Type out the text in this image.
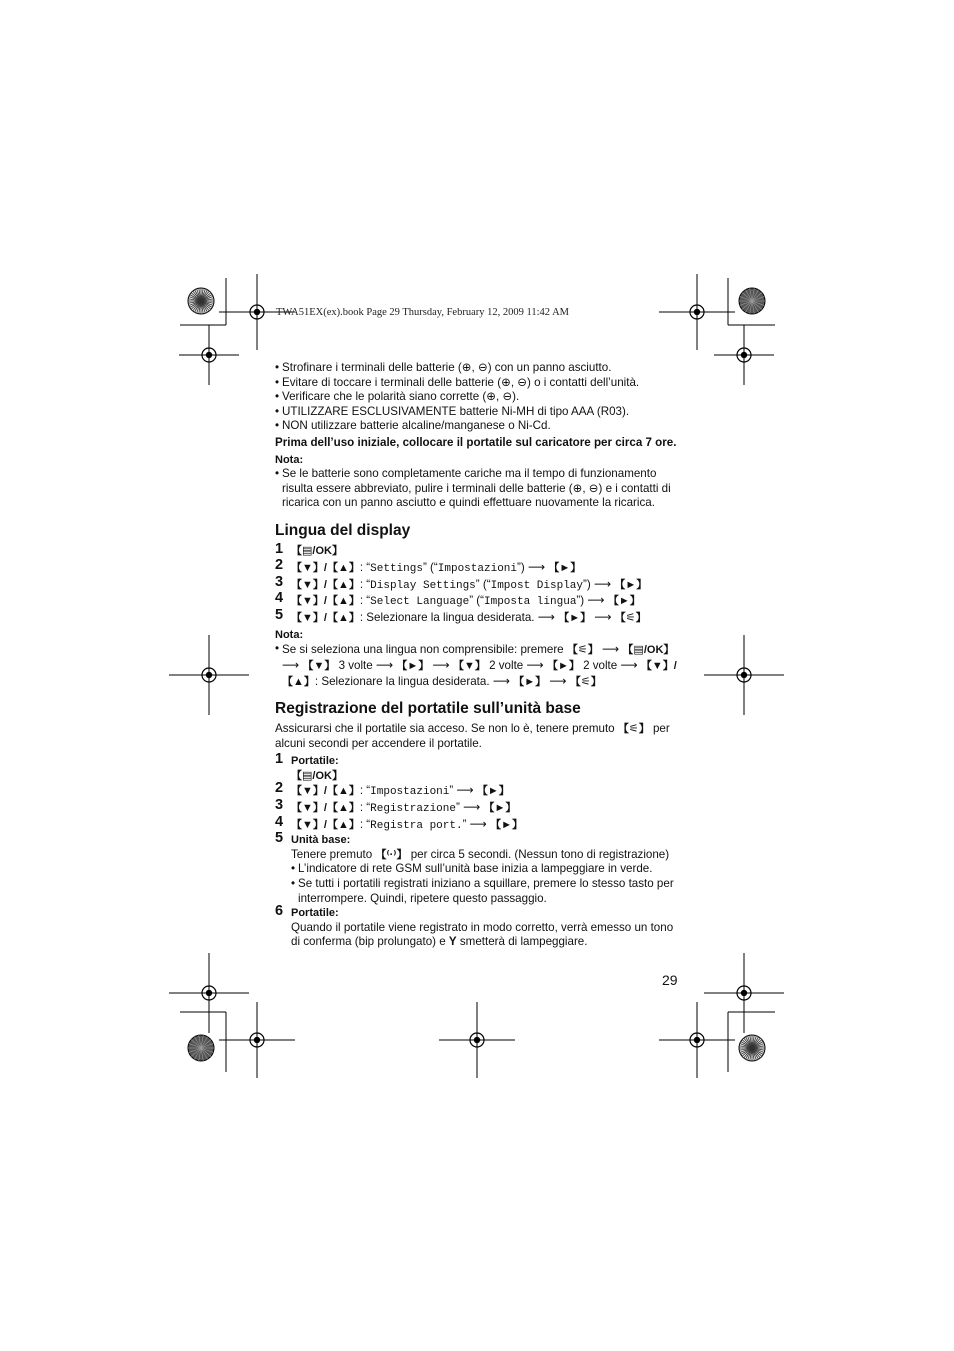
TWA51EX(ex).book Page 29 Thursday, February 12, 2009 11:42 AM
• Strofinare i terminali delle batterie (⊕, ⊖) con un panno asciutto.
• Evitare di toccare i terminali delle batterie (⊕, ⊖) o i contatti dell’unità.
• Verificare che le polarità siano corrette (⊕, ⊖).
• UTILIZZARE ESCLUSIVAMENTE batterie Ni-MH di tipo AAA (R03).
• NON utilizzare batterie alcaline/manganese o Ni-Cd.
Prima dell’uso iniziale, collocare il portatile sul caricatore per circa 7 ore.
Nota:
• Se le batterie sono completamente cariche ma il tempo di funzionamento risulta essere abbreviato, pulire i terminali delle batterie (⊕, ⊖) e i contatti di ricarica con un panno asciutto e quindi effettuare nuovamente la ricarica.
Lingua del display
1 【▤/OK】
2 【▼】/【▲】: “Settings” (“Impostazioni”) ⟶ 【►】
3 【▼】/【▲】: “Display Settings” (“Impost Display”) ⟶ 【►】
4 【▼】/【▲】: “Select Language” (“Imposta lingua”) ⟶ 【►】
5 【▼】/【▲】: Selezionare la lingua desiderata. ⟶ 【►】 ⟶ 【⚟】
Nota:
• Se si seleziona una lingua non comprensibile: premere 【⚟】 ⟶ 【▤/OK】 ⟶ 【▼】 3 volte ⟶ 【►】 ⟶ 【▼】 2 volte ⟶ 【►】 2 volte ⟶ 【▼】/【▲】: Selezionare la lingua desiderata. ⟶ 【►】 ⟶ 【⚟】
Registrazione del portatile sull’unità base
Assicurarsi che il portatile sia acceso. Se non lo è, tenere premuto 【⚟】 per alcuni secondi per accendere il portatile.
1 Portatile:
【▤/OK】
2 【▼】/【▲】: “Impostazioni” ⟶ 【►】
3 【▼】/【▲】: “Registrazione” ⟶ 【►】
4 【▼】/【▲】: “Registra port.” ⟶ 【►】
5 Unità base:
Tenere premuto 【⁽·⁾】 per circa 5 secondi. (Nessun tono di registrazione)
• L’indicatore di rete GSM sull’unità base inizia a lampeggiare in verde.
• Se tutti i portatili registrati iniziano a squillare, premere lo stesso tasto per interrompere. Quindi, ripetere questo passaggio.
6 Portatile:
Quando il portatile viene registrato in modo corretto, verrà emesso un tono di conferma (bip prolungato) e Y smetterà di lampeggiare.
29
